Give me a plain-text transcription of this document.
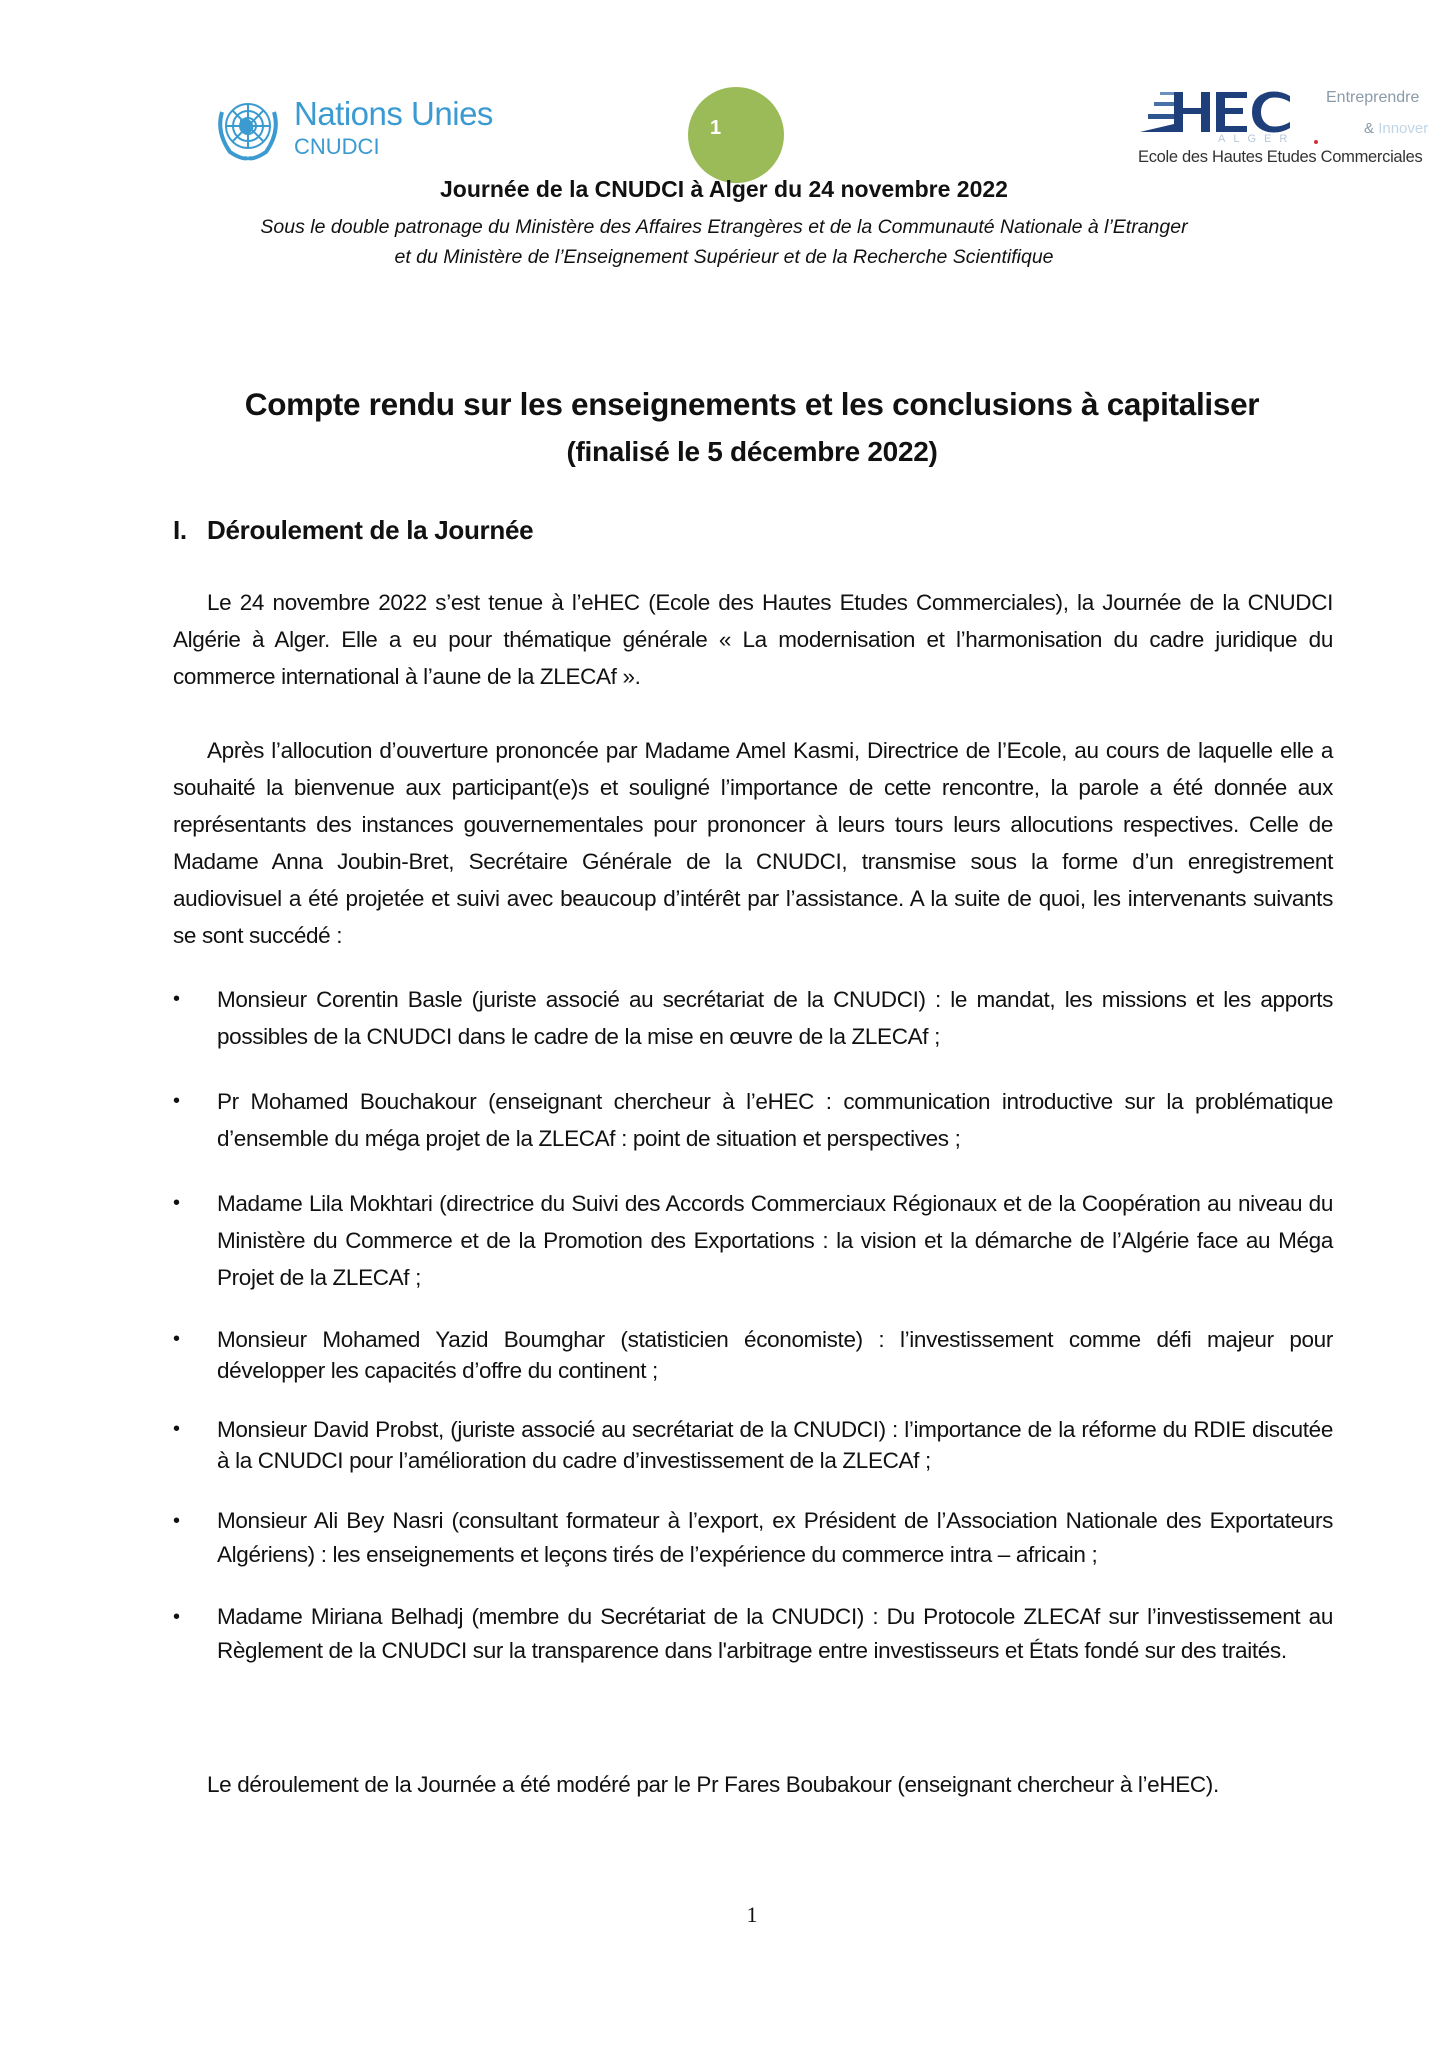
Nations Unies
CNUDCI
1
Entreprendre
& Innover
ALGER
Ecole des Hautes Etudes Commerciales
Journée de la CNUDCI à Alger du 24 novembre 2022
Sous le double patronage du Ministère des Affaires Etrangères et de la Communauté Nationale à l’Etranger
et du Ministère de l’Enseignement Supérieur et de la Recherche Scientifique
Compte rendu sur les enseignements et les conclusions à capitaliser
(finalisé le 5 décembre 2022)
I. Déroulement de la Journée

Le 24 novembre 2022 s’est tenue à l’eHEC (Ecole des Hautes Etudes Commerciales), la Journée de la CNUDCI Algérie à Alger. Elle a eu pour thématique générale « La modernisation et l’harmonisation du cadre juridique du commerce international à l’aune de la ZLECAf ».

Après l’allocution d’ouverture prononcée par Madame Amel Kasmi, Directrice de l’Ecole, au cours de laquelle elle a souhaité la bienvenue aux participant(e)s et souligné l’importance de cette rencontre, la parole a été donnée aux représentants des instances gouvernementales pour prononcer à leurs tours leurs allocutions respectives. Celle de Madame Anna Joubin-Bret, Secrétaire Générale de la CNUDCI, transmise sous la forme d’un enregistrement audiovisuel a été projetée et suivi avec beaucoup d’intérêt par l’assistance. A la suite de quoi, les intervenants suivants se sont succédé :

• Monsieur Corentin Basle (juriste associé au secrétariat de la CNUDCI) : le mandat, les missions et les apports possibles de la CNUDCI dans le cadre de la mise en œuvre de la ZLECAf ;
• Pr Mohamed Bouchakour (enseignant chercheur à l’eHEC : communication introductive sur la problématique d’ensemble du méga projet de la ZLECAf : point de situation et perspectives ;
• Madame Lila Mokhtari (directrice du Suivi des Accords Commerciaux Régionaux et de la Coopération au niveau du Ministère du Commerce et de la Promotion des Exportations : la vision et la démarche de l’Algérie face au Méga Projet de la ZLECAf ;
• Monsieur Mohamed Yazid Boumghar (statisticien économiste) : l’investissement comme défi majeur pour développer les capacités d’offre du continent ;
• Monsieur David Probst, (juriste associé au secrétariat de la CNUDCI) : l’importance de la réforme du RDIE discutée à la CNUDCI pour l’amélioration du cadre d’investissement de la ZLECAf ;
• Monsieur Ali Bey Nasri (consultant formateur à l’export, ex Président de l’Association Nationale des Exportateurs Algériens) : les enseignements et leçons tirés de l’expérience du commerce intra – africain ;
• Madame Miriana Belhadj (membre du Secrétariat de la CNUDCI) : Du Protocole ZLECAf sur l’investissement au Règlement de la CNUDCI sur la transparence dans l'arbitrage entre investisseurs et États fondé sur des traités.

Le déroulement de la Journée a été modéré par le Pr Fares Boubakour (enseignant chercheur à l’eHEC).

1
